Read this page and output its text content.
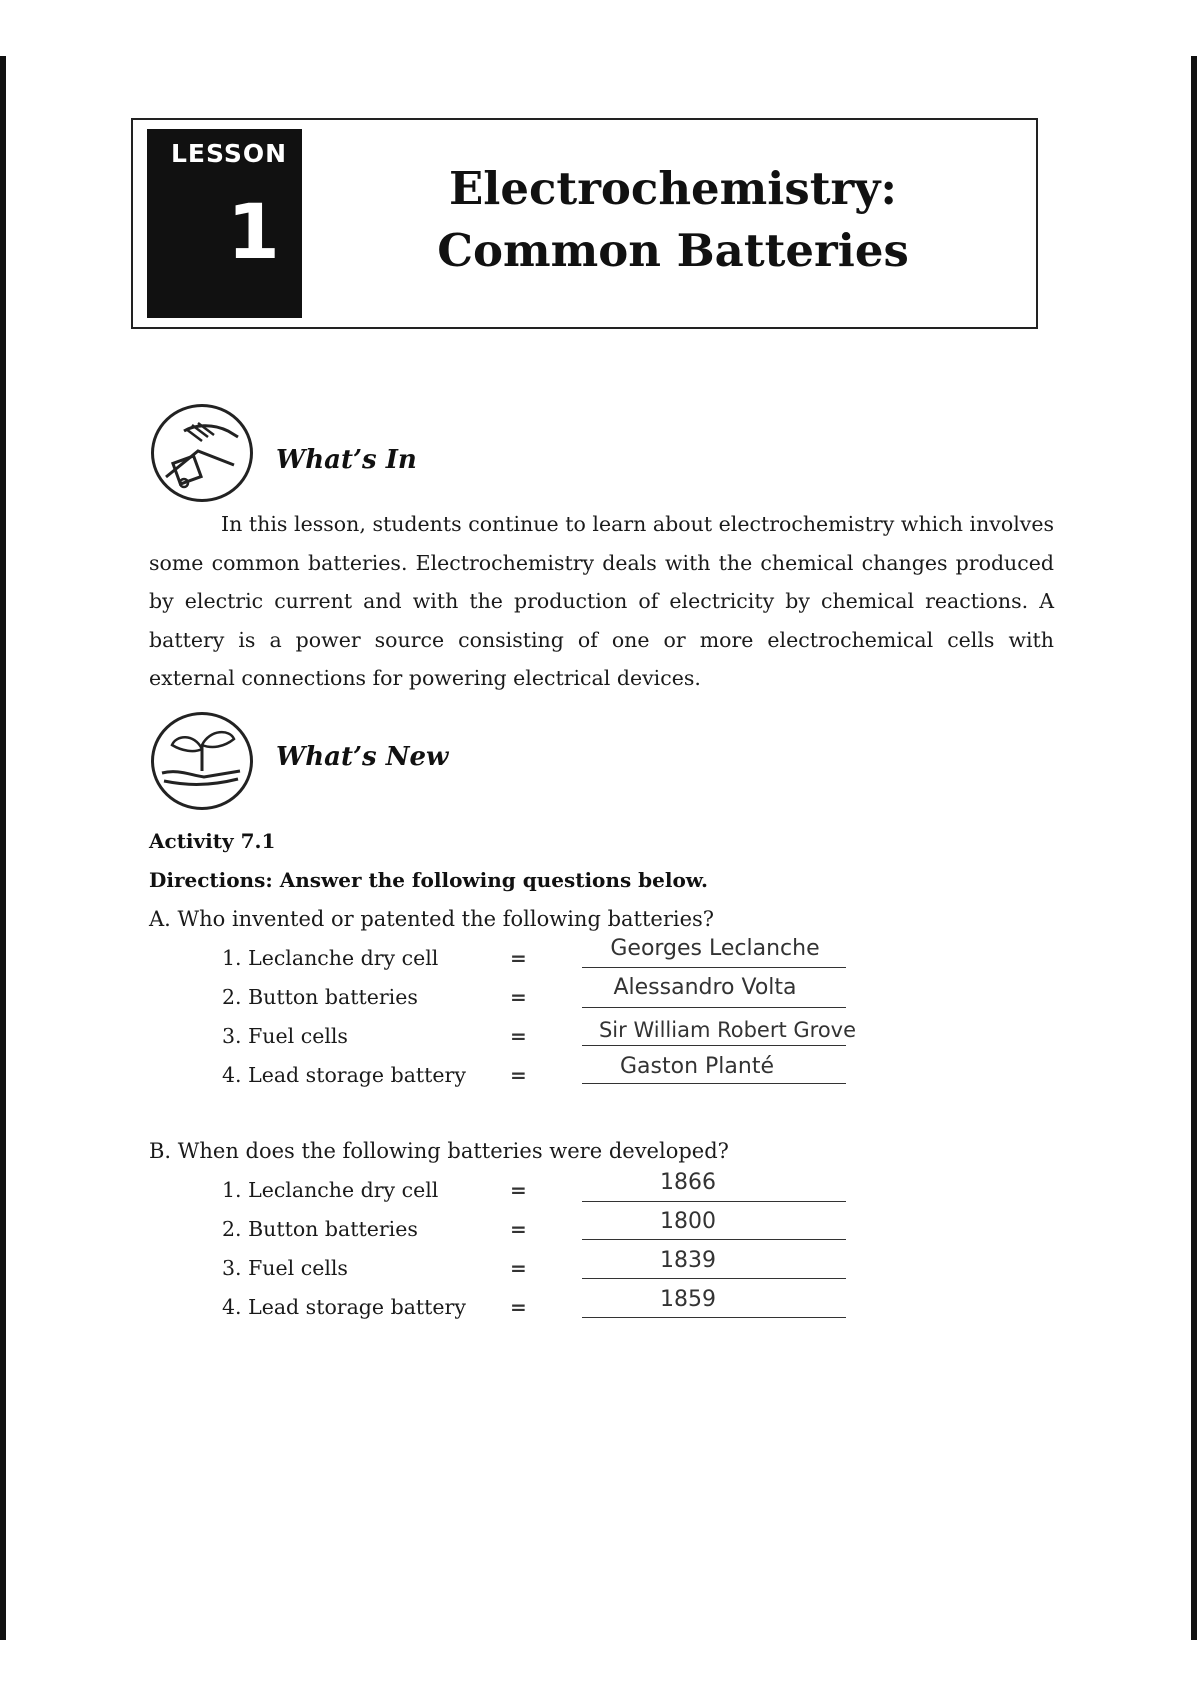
LESSON
1	Electrochemistry:
Common Batteries
What’s In
In this lesson, students continue to learn about electrochemistry which involves some common batteries. Electrochemistry deals with the chemical changes produced by electric current and with the production of electricity by chemical reactions. A battery is a power source consisting of one or more electrochemical cells with external connections for powering electrical devices.
What’s New
Activity 7.1
Directions: Answer the following questions below.
A. Who invented or patented the following batteries?
1. Leclanche dry cell	=	Georges Leclanche
2. Button batteries	=	Alessandro Volta
3. Fuel cells	=	Sir William Robert Grove
4. Lead storage battery =	Gaston Planté
B. When does the following batteries were developed?
1. Leclanche dry cell	=	1866
2. Button batteries	=	1800
3. Fuel cells	=	1839
4. Lead storage battery =	1859
